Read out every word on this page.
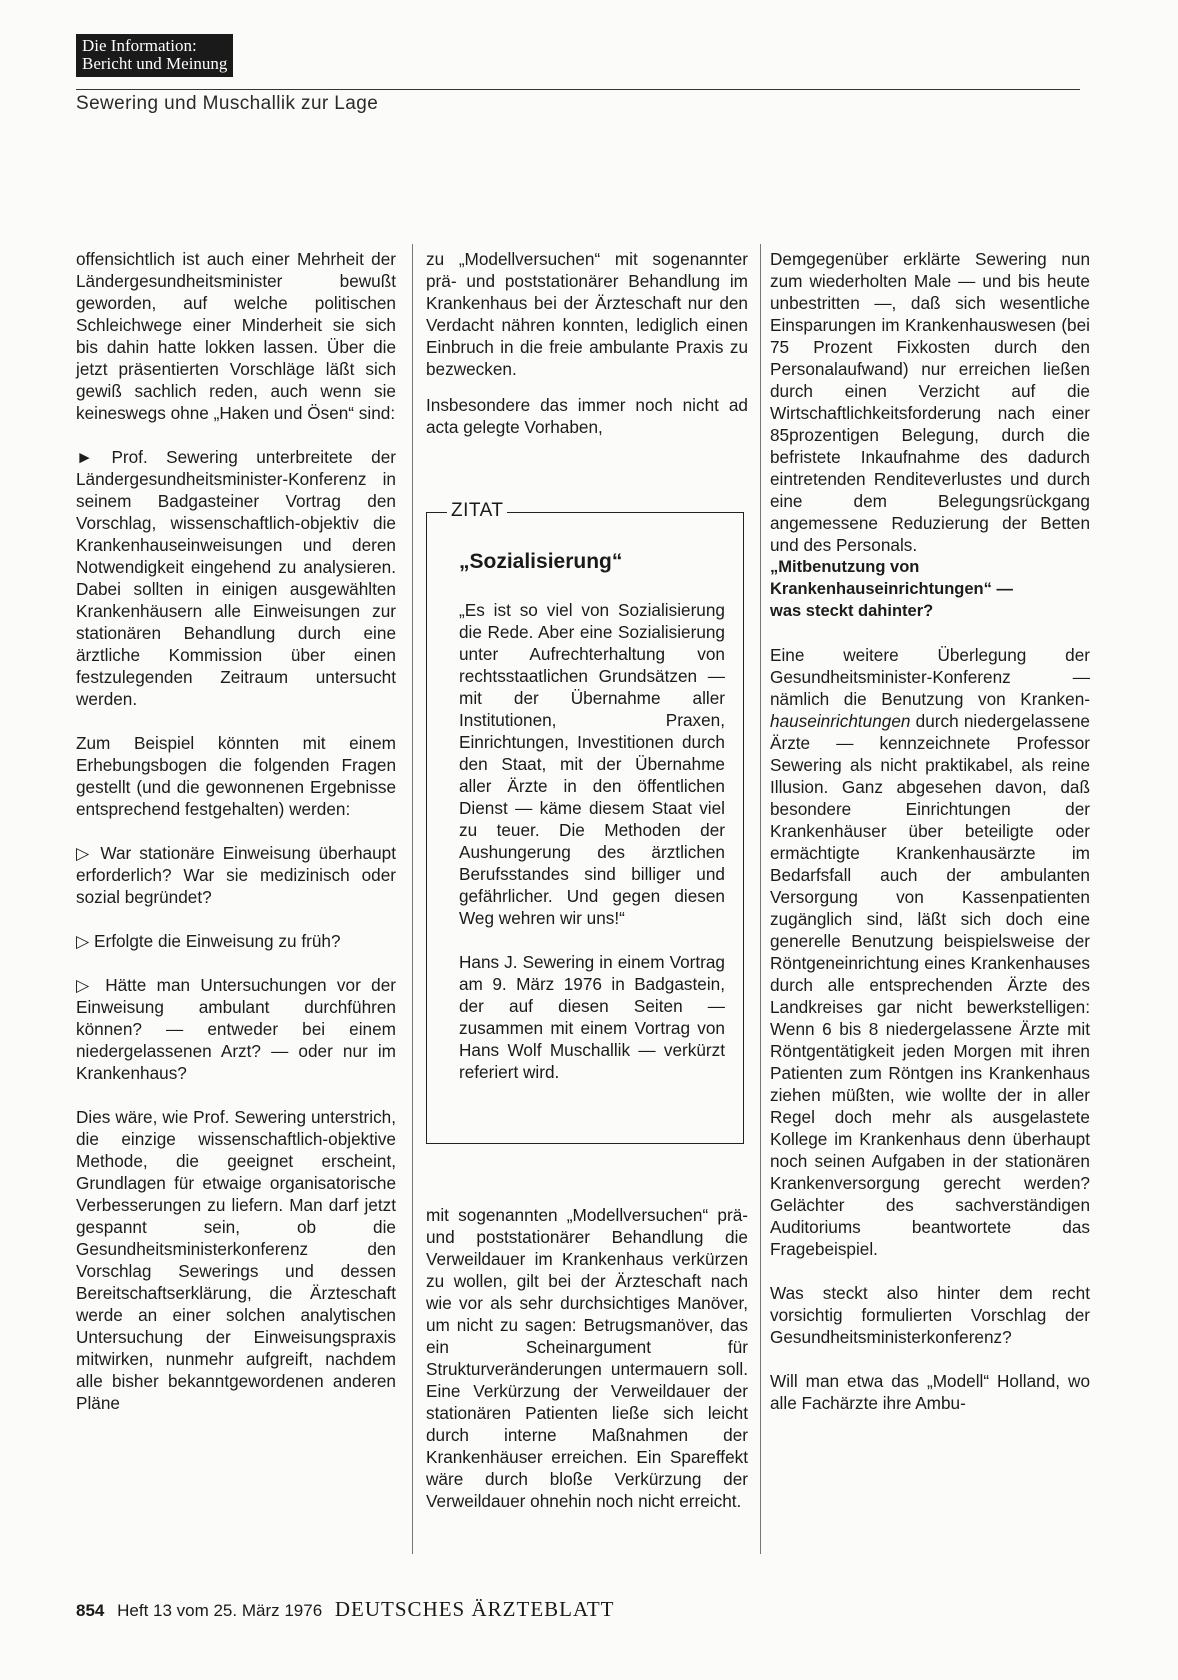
Die Information:
Bericht und Meinung
Sewering und Muschallik zur Lage

offensichtlich ist auch einer Mehrheit der Ländergesundheitsminister bewußt geworden, auf welche politischen Schleichwege einer Minderheit sie sich bis dahin hatte lokken lassen. Über die jetzt präsentierten Vorschläge läßt sich gewiß sachlich reden, auch wenn sie keineswegs ohne „Haken und Ösen“ sind:

► Prof. Sewering unterbreitete der Ländergesundheitsminister-Konferenz in seinem Badgasteiner Vortrag den Vorschlag, wissenschaftlich-objektiv die Krankenhauseinweisungen und deren Notwendigkeit eingehend zu analysieren. Dabei sollten in einigen ausgewählten Krankenhäusern alle Einweisungen zur stationären Behandlung durch eine ärztliche Kommission über einen festzulegenden Zeitraum untersucht werden.

Zum Beispiel könnten mit einem Erhebungsbogen die folgenden Fragen gestellt (und die gewonnenen Ergebnisse entsprechend festgehalten) werden:

▷ War stationäre Einweisung überhaupt erforderlich? War sie medizinisch oder sozial begründet?

▷ Erfolgte die Einweisung zu früh?

▷ Hätte man Untersuchungen vor der Einweisung ambulant durchführen können? — entweder bei einem niedergelassenen Arzt? — oder nur im Krankenhaus?

Dies wäre, wie Prof. Sewering unterstrich, die einzige wissenschaftlich-objektive Methode, die geeignet erscheint, Grundlagen für etwaige organisatorische Verbesserungen zu liefern. Man darf jetzt gespannt sein, ob die Gesundheitsministerkonferenz den Vorschlag Sewerings und dessen Bereitschaftserklärung, die Ärzteschaft werde an einer solchen analytischen Untersuchung der Einweisungspraxis mitwirken, nunmehr aufgreift, nachdem alle bisher bekanntgewordenen anderen Pläne

zu „Modellversuchen“ mit sogenannter prä- und poststationärer Behandlung im Krankenhaus bei der Ärzteschaft nur den Verdacht nähren konnten, lediglich einen Einbruch in die freie ambulante Praxis zu bezwecken.

Insbesondere das immer noch nicht ad acta gelegte Vorhaben,

ZITAT
„Sozialisierung“

„Es ist so viel von Sozialisierung die Rede. Aber eine Sozialisierung unter Aufrechterhaltung von rechtsstaatlichen Grundsätzen — mit der Übernahme aller Institutionen, Praxen, Einrichtungen, Investitionen durch den Staat, mit der Übernahme aller Ärzte in den öffentlichen Dienst — käme diesem Staat viel zu teuer. Die Methoden der Aushungerung des ärztlichen Berufsstandes sind billiger und gefährlicher. Und gegen diesen Weg wehren wir uns!“

Hans J. Sewering in einem Vortrag am 9. März 1976 in Badgastein, der auf diesen Seiten — zusammen mit einem Vortrag von Hans Wolf Muschallik — verkürzt referiert wird.

mit sogenannten „Modellversuchen“ prä- und poststationärer Behandlung die Verweildauer im Krankenhaus verkürzen zu wollen, gilt bei der Ärzteschaft nach wie vor als sehr durchsichtiges Manöver, um nicht zu sagen: Betrugsmanöver, das ein Scheinargument für Strukturveränderungen untermauern soll. Eine Verkürzung der Verweildauer der stationären Patienten ließe sich leicht durch interne Maßnahmen der Krankenhäuser erreichen. Ein Spareffekt wäre durch bloße Verkürzung der Verweildauer ohnehin noch nicht erreicht.

Demgegenüber erklärte Sewering nun zum wiederholten Male — und bis heute unbestritten —, daß sich wesentliche Einsparungen im Krankenhauswesen (bei 75 Prozent Fixkosten durch den Personalaufwand) nur erreichen ließen durch einen Verzicht auf die Wirtschaftlichkeitsforderung nach einer 85prozentigen Belegung, durch die befristete Inkaufnahme des dadurch eintretenden Renditeverlustes und durch eine dem Belegungsrückgang angemessene Reduzierung der Betten und des Personals.

„Mitbenutzung von
Krankenhauseinrichtungen“ —
was steckt dahinter?

Eine weitere Überlegung der Gesundheitsminister-Konferenz — nämlich die Benutzung von Kranken-hauseinrichtungen durch niedergelassene Ärzte — kennzeichnete Professor Sewering als nicht praktikabel, als reine Illusion. Ganz abgesehen davon, daß besondere Einrichtungen der Krankenhäuser über beteiligte oder ermächtigte Krankenhausärzte im Bedarfsfall auch der ambulanten Versorgung von Kassenpatienten zugänglich sind, läßt sich doch eine generelle Benutzung beispielsweise der Röntgeneinrichtung eines Krankenhauses durch alle entsprechenden Ärzte des Landkreises gar nicht bewerkstelligen: Wenn 6 bis 8 niedergelassene Ärzte mit Röntgentätigkeit jeden Morgen mit ihren Patienten zum Röntgen ins Krankenhaus ziehen müßten, wie wollte der in aller Regel doch mehr als ausgelastete Kollege im Krankenhaus denn überhaupt noch seinen Aufgaben in der stationären Krankenversorgung gerecht werden? Gelächter des sachverständigen Auditoriums beantwortete das Fragebeispiel.

Was steckt also hinter dem recht vorsichtig formulierten Vorschlag der Gesundheitsministerkonferenz?

Will man etwa das „Modell“ Holland, wo alle Fachärzte ihre Ambu-

854 Heft 13 vom 25. März 1976 DEUTSCHES ÄRZTEBLATT
